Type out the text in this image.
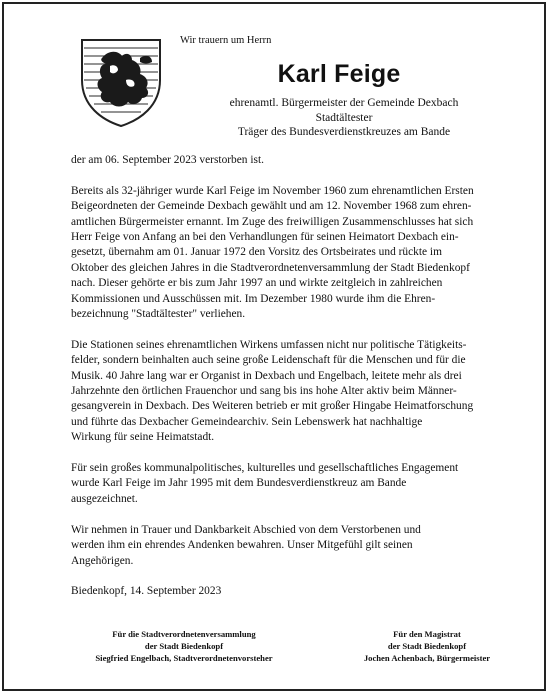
Wir trauern um Herrn
Karl Feige
ehrenamtl. Bürgermeister der Gemeinde Dexbach
Stadtältester
Träger des Bundesverdienstkreuzes am Bande

der am 06. September 2023 verstorben ist.

Bereits als 32-jähriger wurde Karl Feige im November 1960 zum ehrenamtlichen Ersten
Beigeordneten der Gemeinde Dexbach gewählt und am 12. November 1968 zum ehren-
amtlichen Bürgermeister ernannt. Im Zuge des freiwilligen Zusammenschlusses hat sich
Herr Feige von Anfang an bei den Verhandlungen für seinen Heimatort Dexbach ein-
gesetzt, übernahm am 01. Januar 1972 den Vorsitz des Ortsbeirates und rückte im
Oktober des gleichen Jahres in die Stadtverordnetenversammlung der Stadt Biedenkopf
nach. Dieser gehörte er bis zum Jahr 1997 an und wirkte zeitgleich in zahlreichen
Kommissionen und Ausschüssen mit. Im Dezember 1980 wurde ihm die Ehren-
bezeichnung "Stadtältester" verliehen.

Die Stationen seines ehrenamtlichen Wirkens umfassen nicht nur politische Tätigkeits-
felder, sondern beinhalten auch seine große Leidenschaft für die Menschen und für die
Musik. 40 Jahre lang war er Organist in Dexbach und Engelbach, leitete mehr als drei
Jahrzehnte den örtlichen Frauenchor und sang bis ins hohe Alter aktiv beim Männer-
gesangverein in Dexbach. Des Weiteren betrieb er mit großer Hingabe Heimatforschung
und führte das Dexbacher Gemeindearchiv. Sein Lebenswerk hat nachhaltige
Wirkung für seine Heimatstadt.

Für sein großes kommunalpolitisches, kulturelles und gesellschaftliches Engagement
wurde Karl Feige im Jahr 1995 mit dem Bundesverdienstkreuz am Bande
ausgezeichnet.

Wir nehmen in Trauer und Dankbarkeit Abschied von dem Verstorbenen und
werden ihm ein ehrendes Andenken bewahren. Unser Mitgefühl gilt seinen
Angehörigen.

Biedenkopf, 14. September 2023

Für die Stadtverordnetenversammlung
der Stadt Biedenkopf
Siegfried Engelbach, Stadtverordnetenvorsteher
Für den Magistrat
der Stadt Biedenkopf
Jochen Achenbach, Bürgermeister
